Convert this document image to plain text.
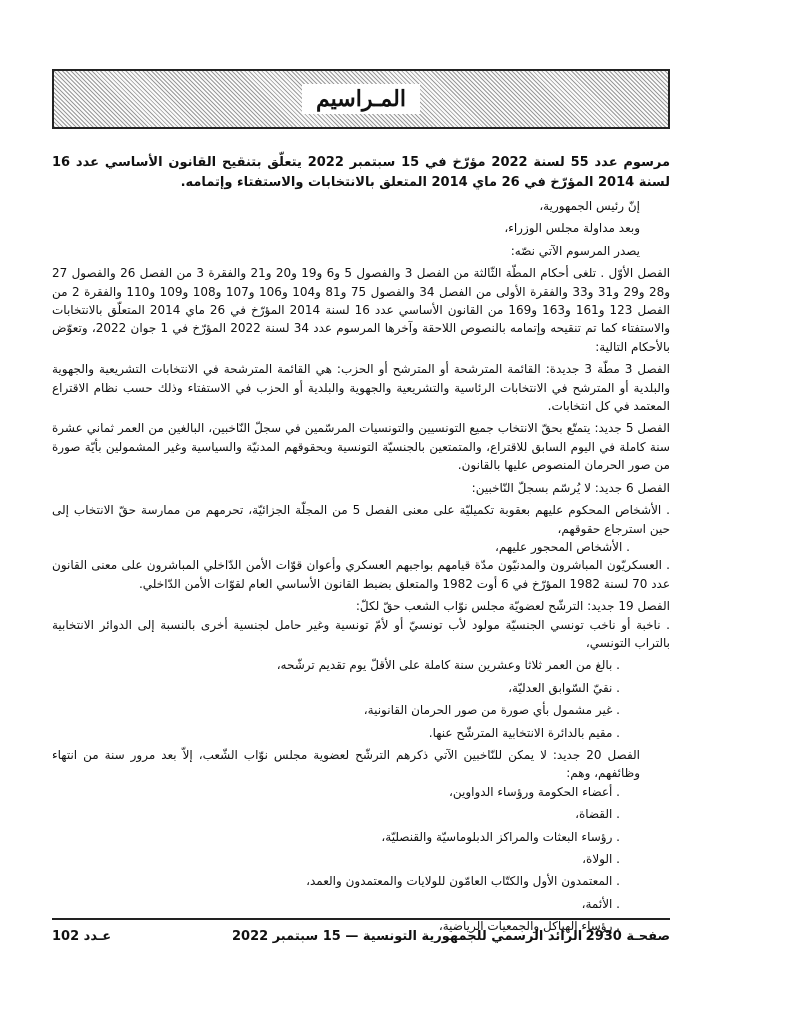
المـراسيم

مرسوم عدد 55 لسنة 2022 مؤرّخ في 15 سبتمبر 2022 يتعلّق بتنقيح القانون الأساسي عدد 16 لسنة 2014 المؤرّخ في 26 ماي 2014 المتعلق بالانتخابات والاستفتاء وإتمامه.

إنّ رئيس الجمهورية،

وبعد مداولة مجلس الوزراء،

يصدر المرسوم الآتي نصّه:

الفصل الأوّل . تلغى أحكام المطّة الثّالثة من الفصل 3 والفصول 5 و6 و19 و20 و21 والفقرة 3 من الفصل 26 والفصول 27 و28 و29 و31 و33 والفقرة الأولى من الفصل 34 والفصول 75 و81 و104 و106 و107 و108 و109 و110 والفقرة 2 من الفصل 123 و161 و163 و169 من القانون الأساسي عدد 16 لسنة 2014 المؤرّخ في 26 ماي 2014 المتعلّق بالانتخابات والاستفتاء كما تم تنقيحه وإتمامه بالنصوص اللاحقة وآخرها المرسوم عدد 34 لسنة 2022 المؤرّخ في 1 جوان 2022، وتعوّض بالأحكام التالية:

الفصل 3 مطّة 3 جديدة: القائمة المترشحة أو المترشح أو الحزب: هي القائمة المترشحة في الانتخابات التشريعية والجهوية والبلدية أو المترشح في الانتخابات الرئاسية والتشريعية والجهوية والبلدية أو الحزب في الاستفتاء وذلك حسب نظام الاقتراع المعتمد في كل انتخابات.

الفصل 5 جديد: يتمتّع بحقّ الانتخاب جميع التونسيين والتونسيات المرسّمين في سجلّ النّاخبين، البالغين من العمر ثماني عشرة سنة كاملة في اليوم السابق للاقتراع، والمتمتعين بالجنسيّة التونسية وبحقوقهم المدنيّة والسياسية وغير المشمولين بأيّة صورة من صور الحرمان المنصوص عليها بالقانون.

الفصل 6 جديد: لا يُرسّم بسجلّ النّاخبين:

. الأشخاص المحكوم عليهم بعقوبة تكميليّة على معنى الفصل 5 من المجلّة الجزائيّة، تحرمهم من ممارسة حقّ الانتخاب إلى حين استرجاع حقوقهم،

. الأشخاص المحجور عليهم،

. العسكريّون المباشرون والمدنيّون مدّة قيامهم بواجبهم العسكري وأعوان قوّات الأمن الدّاخلي المباشرون على معنى القانون عدد 70 لسنة 1982 المؤرّخ في 6 أوت 1982 والمتعلق بضبط القانون الأساسي العام لقوّات الأمن الدّاخلي.

الفصل 19 جديد: الترشّح لعضويّة مجلس نوّاب الشعب حقّ لكلّ:

. ناخبة أو ناخب تونسي الجنسيّة مولود لأب تونسيّ أو لأمّ تونسية وغير حامل لجنسية أخرى بالنسبة إلى الدوائر الانتخابية بالتراب التونسي،

. بالغ من العمر ثلاثا وعشرين سنة كاملة على الأقلّ يوم تقديم ترشّحه،

. نقيّ السّوابق العدليّة،

. غير مشمول بأي صورة من صور الحرمان القانونية،

. مقيم بالدائرة الانتخابية المترشّح عنها.

الفصل 20 جديد: لا يمكن للنّاخبين الآتي ذكرهم الترشّح لعضوية مجلس نوّاب الشّعب، إلاّ بعد مرور سنة من انتهاء وظائفهم، وهم:

. أعضاء الحكومة ورؤساء الدواوين،

. القضاة،

. رؤساء البعثات والمراكز الدبلوماسيّة والقنصليّة،

. الولاة،

. المعتمدون الأول والكتّاب العامّون للولايات والمعتمدون والعمد،

. الأئمة،

. رؤساء الهياكل والجمعيات الرياضية،

عـدد 102	الرائد الرسمي للجمهورية التونسية — 15 سبتمبر 2022 صفحـة 2930
